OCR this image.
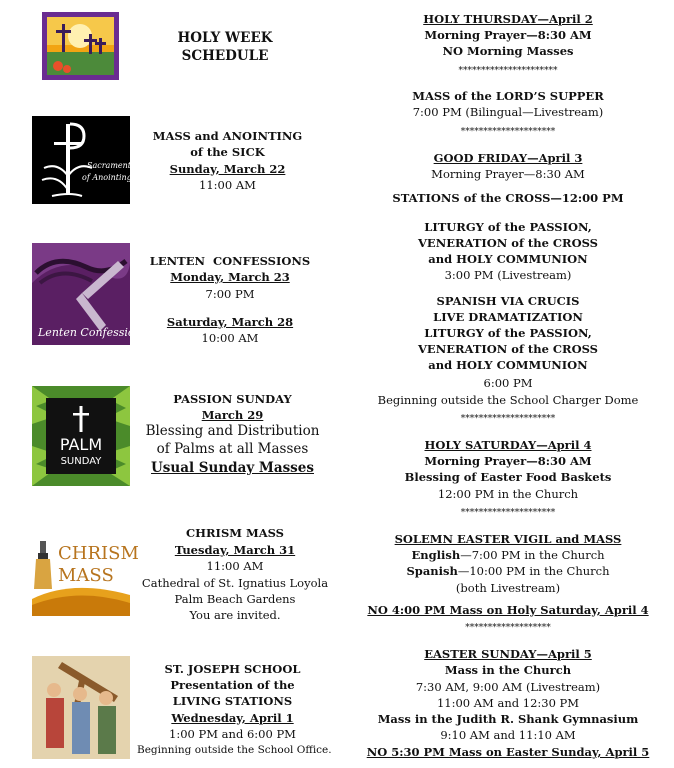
HOLY WEEK
SCHEDULE
Sacrament
of Anointing
MASS and ANOINTING
of the SICK
Sunday, March 22
11:00 AM
Lenten Confession
LENTEN  CONFESSIONS
Monday, March 23
7:00 PM
Saturday, March 28
10:00 AM
PALM
SUNDAY
PASSION SUNDAY
March 29
Blessing and Distribution
of Palms at all Masses
Usual Sunday Masses
CHRISM
MASS
CHRISM MASS
Tuesday, March 31
11:00 AM
Cathedral of St. Ignatius Loyola
Palm Beach Gardens
You are invited.
ST. JOSEPH SCHOOL
Presentation of the
LIVING STATIONS
Wednesday, April 1
1:00 PM and 6:00 PM
Beginning outside the School Office.
HOLY THURSDAY—April 2
Morning Prayer—8:30 AM
NO Morning Masses
**********************
MASS of the LORD’S SUPPER
7:00 PM (Bilingual—Livestream)
*********************
GOOD FRIDAY—April 3
Morning Prayer—8:30 AM
STATIONS of the CROSS—12:00 PM
LITURGY of the PASSION,
VENERATION of the CROSS
and HOLY COMMUNION
3:00 PM (Livestream)
SPANISH VIA CRUCIS
LIVE DRAMATIZATION
LITURGY of the PASSION,
VENERATION of the CROSS
and HOLY COMMUNION
6:00 PM
Beginning outside the School Charger Dome
*********************
HOLY SATURDAY—April 4
Morning Prayer—8:30 AM
Blessing of Easter Food Baskets
12:00 PM in the Church
*********************
SOLEMN EASTER VIGIL and MASS
English—7:00 PM in the Church
Spanish—10:00 PM in the Church
(both Livestream)
NO 4:00 PM Mass on Holy Saturday, April 4
*******************
EASTER SUNDAY—April 5
Mass in the Church
7:30 AM, 9:00 AM (Livestream)
11:00 AM and 12:30 PM
Mass in the Judith R. Shank Gymnasium
9:10 AM and 11:10 AM
NO 5:30 PM Mass on Easter Sunday, April 5
